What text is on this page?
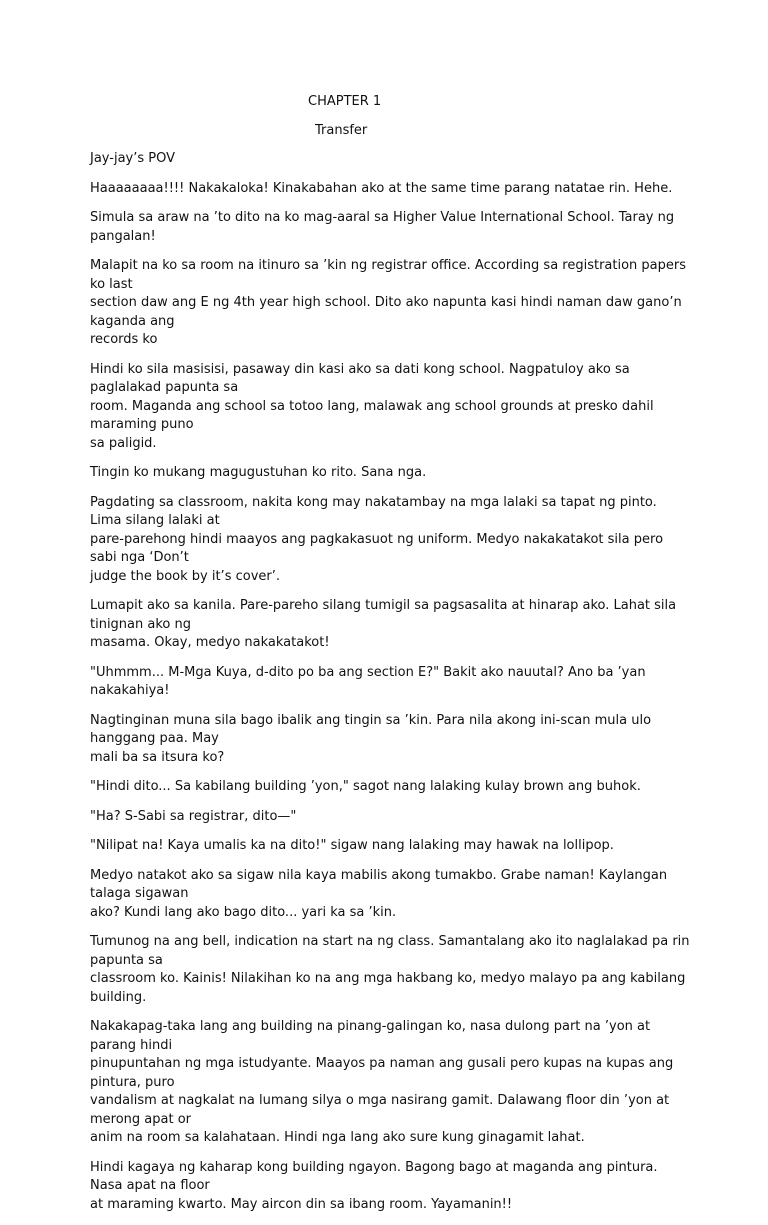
CHAPTER 1
Transfer

Jay-jay’s POV

Haaaaaaaa!!!! Nakakaloka! Kinakabahan ako at the same time parang natatae rin. Hehe.

Simula sa araw na ’to dito na ko mag-aaral sa Higher Value International School. Taray ng pangalan!

Malapit na ko sa room na itinuro sa ’kin ng registrar office. According sa registration papers ko last
section daw ang E ng 4th year high school. Dito ako napunta kasi hindi naman daw gano’n kaganda ang
records ko

Hindi ko sila masisisi, pasaway din kasi ako sa dati kong school. Nagpatuloy ako sa paglalakad papunta sa
room. Maganda ang school sa totoo lang, malawak ang school grounds at presko dahil maraming puno
sa paligid.

Tingin ko mukang magugustuhan ko rito. Sana nga.

Pagdating sa classroom, nakita kong may nakatambay na mga lalaki sa tapat ng pinto. Lima silang lalaki at
pare-parehong hindi maayos ang pagkakasuot ng uniform. Medyo nakakatakot sila pero sabi nga ‘Don’t
judge the book by it’s cover’.

Lumapit ako sa kanila. Pare-pareho silang tumigil sa pagsasalita at hinarap ako. Lahat sila tinignan ako ng
masama. Okay, medyo nakakatakot!

"Uhmmm... M-Mga Kuya, d-dito po ba ang section E?" Bakit ako nauutal? Ano ba ’yan nakakahiya!

Nagtinginan muna sila bago ibalik ang tingin sa ’kin. Para nila akong ini-scan mula ulo hanggang paa. May
mali ba sa itsura ko?

"Hindi dito... Sa kabilang building ’yon," sagot nang lalaking kulay brown ang buhok.

"Ha? S-Sabi sa registrar, dito—"

"Nilipat na! Kaya umalis ka na dito!" sigaw nang lalaking may hawak na lollipop.

Medyo natakot ako sa sigaw nila kaya mabilis akong tumakbo. Grabe naman! Kaylangan talaga sigawan
ako? Kundi lang ako bago dito... yari ka sa ’kin.

Tumunog na ang bell, indication na start na ng class. Samantalang ako ito naglalakad pa rin papunta sa
classroom ko. Kainis! Nilakihan ko na ang mga hakbang ko, medyo malayo pa ang kabilang building.

Nakakapag-taka lang ang building na pinang-galingan ko, nasa dulong part na ’yon at parang hindi
pinupuntahan ng mga istudyante. Maayos pa naman ang gusali pero kupas na kupas ang pintura, puro
vandalism at nagkalat na lumang silya o mga nasirang gamit. Dalawang floor din ’yon at merong apat or
anim na room sa kalahataan. Hindi nga lang ako sure kung ginagamit lahat.

Hindi kagaya ng kaharap kong building ngayon. Bagong bago at maganda ang pintura. Nasa apat na floor
at maraming kwarto. May aircon din sa ibang room. Yayamanin!!
